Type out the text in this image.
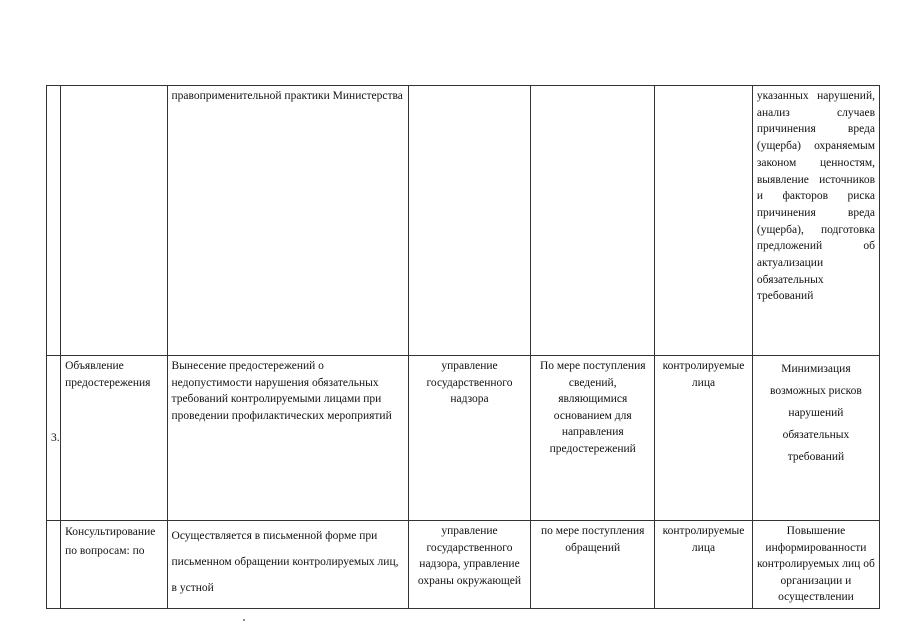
		правоприменительной практики Министерства				указанных нарушений, анализ случаев причинения вреда (ущерба) охраняемым законом ценностям, выявление источников и факторов риска причинения вреда (ущерба), подготовка предложений об актуализации обязательных требований
3.	Объявление предостережения	Вынесение предостережений о недопустимости нарушения обязательных требований контролируемыми лицами при проведении профилактических мероприятий	управление государственного надзора	По мере поступления сведений, являющимися основанием для направления предостережений	контролируемые лица	Минимизация возможных рисков нарушений обязательных требований
	Консультирование по вопросам: по	Осуществляется в письменной форме при письменном обращении контролируемых лиц, в устной	управление государственного надзора, управление охраны окружающей	по мере поступления обращений	контролируемые лица	Повышение информированности контролируемых лиц об организации и осуществлении
